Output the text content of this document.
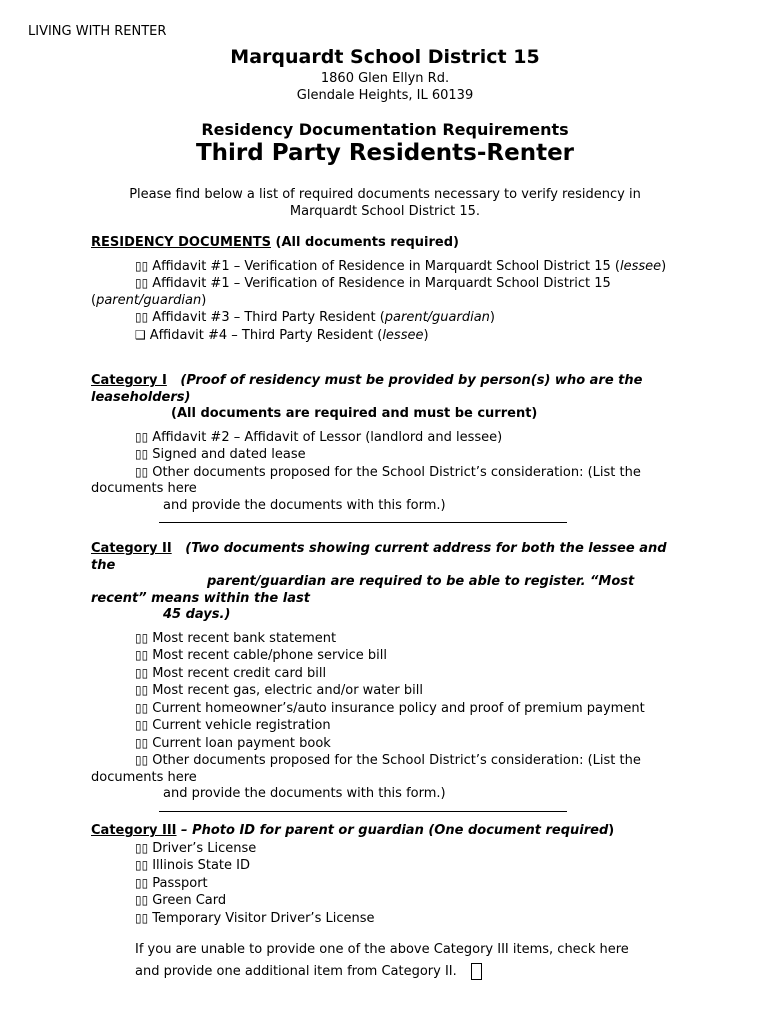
LIVING WITH RENTER
Marquardt School District 15
1860 Glen Ellyn Rd.
Glendale Heights, IL 60139
Residency Documentation Requirements
Third Party Residents-Renter
Please find below a list of required documents necessary to verify residency in Marquardt School District 15.

RESIDENCY DOCUMENTS (All documents required)

▯▯ Affidavit #1 – Verification of Residence in Marquardt School District 15 (lessee)

▯▯ Affidavit #1 – Verification of Residence in Marquardt School District 15 (parent/guardian)

▯▯ Affidavit #3 – Third Party Resident (parent/guardian)

❑ Affidavit #4 – Third Party Resident (lessee)

Category I (Proof of residency must be provided by person(s) who are the leaseholders)

(All documents are required and must be current)

▯▯ Affidavit #2 – Affidavit of Lessor (landlord and lessee)

▯▯ Signed and dated lease

▯▯ Other documents proposed for the School District’s consideration: (List the documents here

and provide the documents with this form.)

Category II (Two documents showing current address for both the lessee and the

parent/guardian are required to be able to register. “Most recent” means within the last

45 days.)

▯▯ Most recent bank statement

▯▯ Most recent cable/phone service bill

▯▯ Most recent credit card bill

▯▯ Most recent gas, electric and/or water bill

▯▯ Current homeowner’s/auto insurance policy and proof of premium payment

▯▯ Current vehicle registration

▯▯ Current loan payment book

▯▯ Other documents proposed for the School District’s consideration: (List the documents here

and provide the documents with this form.)

Category III – Photo ID for parent or guardian (One document required)

▯▯ Driver’s License

▯▯ Illinois State ID

▯▯ Passport

▯▯ Green Card

▯▯ Temporary Visitor Driver’s License

If you are unable to provide one of the above Category III items, check here

and provide one additional item from Category II.
